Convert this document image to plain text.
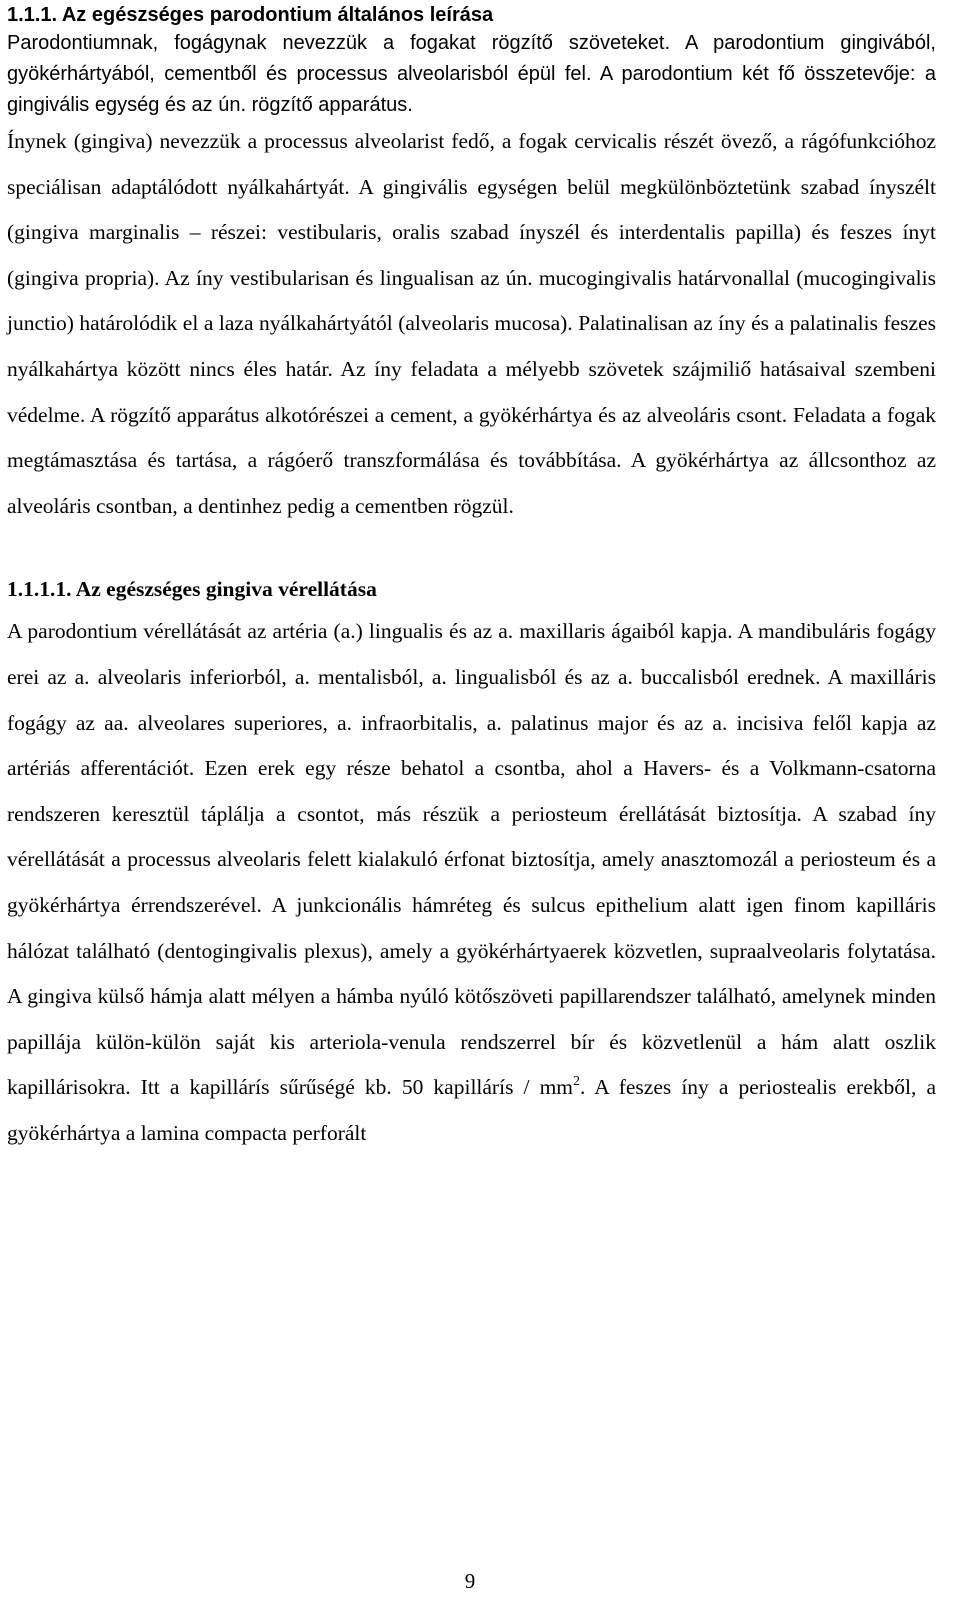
1.1.1. Az egészséges parodontium általános leírása

Parodontiumnak, fogágynak nevezzük a fogakat rögzítő szöveteket. A parodontium gingivából, gyökérhártyából, cementből és processus alveolarisból épül fel. A parodontium két fő összetevője: a gingivális egység és az ún. rögzítő apparátus.

Ínynek (gingiva) nevezzük a processus alveolarist fedő, a fogak cervicalis részét övező, a rágófunkcióhoz speciálisan adaptálódott nyálkahártyát. A gingivális egységen belül megkülönböztetünk szabad ínyszélt (gingiva marginalis – részei: vestibularis, oralis szabad ínyszél és interdentalis papilla) és feszes ínyt (gingiva propria). Az íny vestibularisan és lingualisan az ún. mucogingivalis határvonallal (mucogingivalis junctio) határolódik el a laza nyálkahártyától (alveolaris mucosa). Palatinalisan az íny és a palatinalis feszes nyálkahártya között nincs éles határ. Az íny feladata a mélyebb szövetek szájmiliő hatásaival szembeni védelme. A rögzítő apparátus alkotórészei a cement, a gyökérhártya és az alveoláris csont. Feladata a fogak megtámasztása és tartása, a rágóerő transzformálása és továbbítása. A gyökérhártya az állcsonthoz az alveoláris csontban, a dentinhez pedig a cementben rögzül.

1.1.1.1. Az egészséges gingiva vérellátása

A parodontium vérellátását az artéria (a.) lingualis és az a. maxillaris ágaiból kapja. A mandibuláris fogágy erei az a. alveolaris inferiorból, a. mentalisból, a. lingualisból és az a. buccalisból erednek. A maxilláris fogágy az aa. alveolares superiores, a. infraorbitalis, a. palatinus major és az a. incisiva felől kapja az artériás afferentációt. Ezen erek egy része behatol a csontba, ahol a Havers- és a Volkmann-csatorna rendszeren keresztül táplálja a csontot, más részük a periosteum érellátását biztosítja. A szabad íny vérellátását a processus alveolaris felett kialakuló érfonat biztosítja, amely anasztomozál a periosteum és a gyökérhártya érrendszerével. A junkcionális hámréteg és sulcus epithelium alatt igen finom kapilláris hálózat található (dentogingivalis plexus), amely a gyökérhártyaerek közvetlen, supraalveolaris folytatása. A gingiva külső hámja alatt mélyen a hámba nyúló kötőszöveti papillarendszer található, amelynek minden papillája külön-külön saját kis arteriola-venula rendszerrel bír és közvetlenül a hám alatt oszlik kapillárisokra. Itt a kapillárís sűrűségé kb. 50 kapillárís / $mm^2$. A feszes íny a periostealis erekből, a gyökérhártya a lamina compacta perforált

9
